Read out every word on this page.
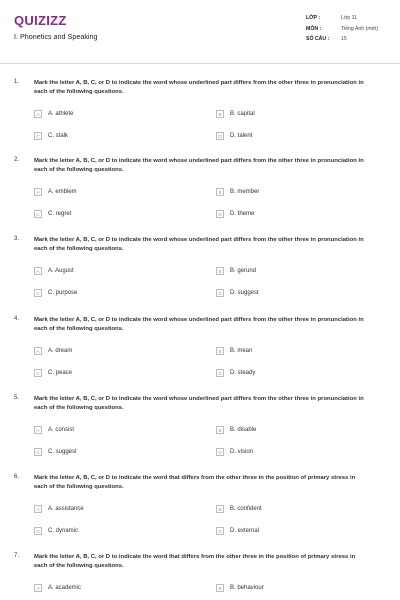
QUIZIZZ
I. Phonetics and Speaking
LỚP :	Lớp 11
MÔN :	Tiếng Anh (mới)
SỐ CÂU : 15
1.	Mark the letter A, B, C, or D to indicate the word whose underlined part differs from the other three in pronunciation in each of the following questions.
A	A. athlete	B	B. capital
C	C. stalk	D	D. talent
2.	Mark the letter A, B, C, or D to indicate the word whose underlined part differs from the other three in pronunciation in each of the following questions.
A	A. emblem	B	B. member
C	C. regret	D	D. theme
3.	Mark the letter A, B, C, or D to indicate the word whose underlined part differs from the other three in pronunciation in each of the following questions.
A	A. August	B	B. gerund
C	C. purpose	D	D. suggest
4.	Mark the letter A, B, C, or D to indicate the word whose underlined part differs from the other three in pronunciation in each of the following questions.
A	A. dream	B	B. mean
C	C. peace	D	D. steady
5.	Mark the letter A, B, C, or D to indicate the word whose underlined part differs from the other three in pronunciation in each of the following questions.
A	A. consist	B	B. disable
C	C. suggest	D	D. vision
6.	Mark the letter A, B, C, or D to indicate the word that differs from the other three in the position of primary stress in each of the following questions.
A	A. assistance	B	B. confident
C	C. dynamic	D	D. external
7.	Mark the letter A, B, C, or D to indicate the word that differs from the other three in the position of primary stress in each of the following questions.
A	A. academic	B	B. behaviour
